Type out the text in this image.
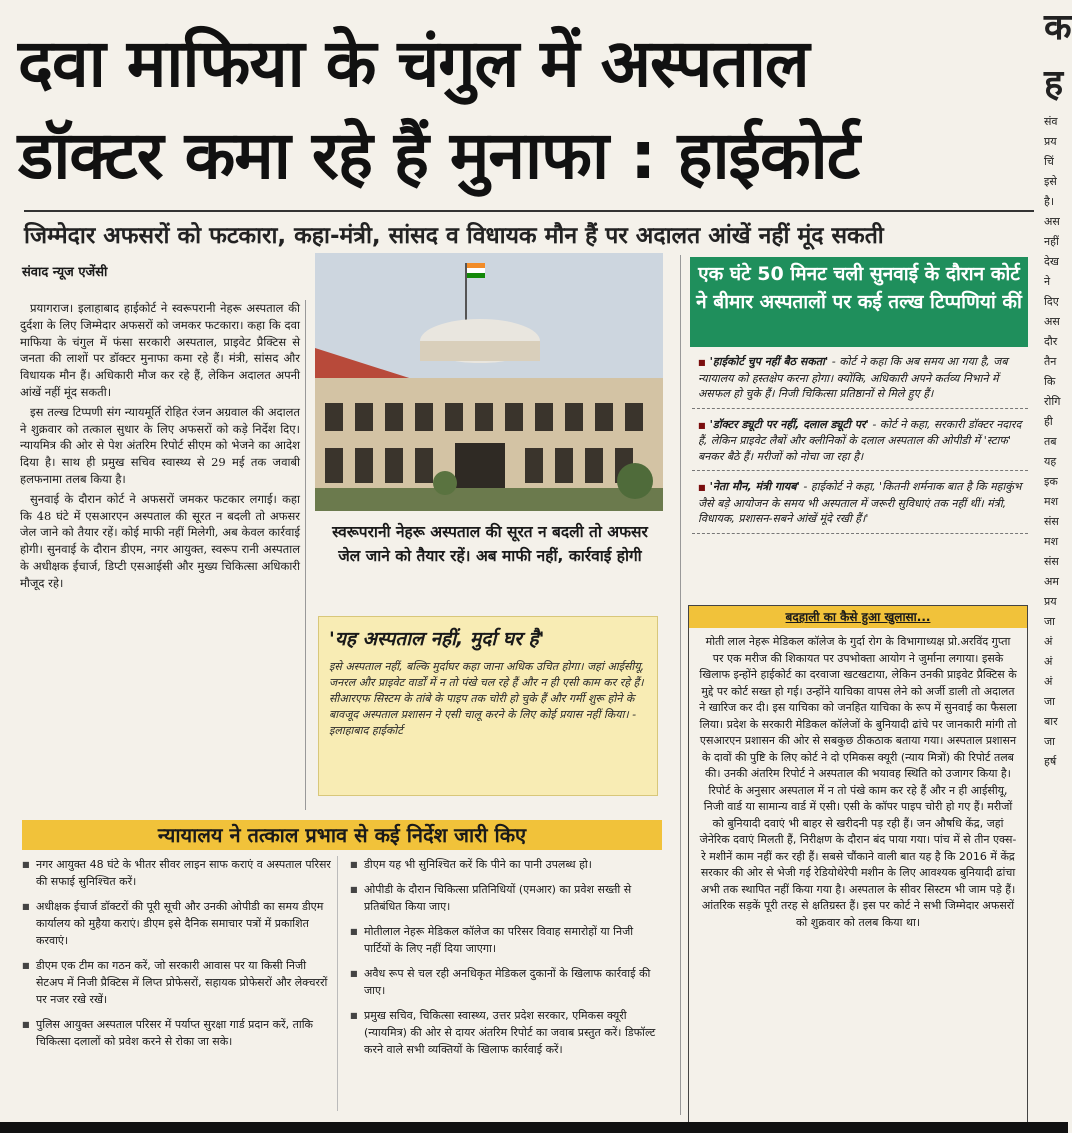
दवा माफिया के चंगुल में अस्पताल
डॉक्टर कमा रहे हैं मुनाफा : हाईकोर्ट
जिम्मेदार अफसरों को फटकारा, कहा-मंत्री, सांसद व विधायक मौन हैं पर अदालत आंखें नहीं मूंद सकती
संवाद न्यूज एजेंसी

प्रयागराज। इलाहाबाद हाईकोर्ट ने स्वरूपरानी नेहरू अस्पताल की दुर्दशा के लिए जिम्मेदार अफसरों को जमकर फटकारा। कहा कि दवा माफिया के चंगुल में फंसा सरकारी अस्पताल, प्राइवेट प्रैक्टिस से जनता की लाशों पर डॉक्टर मुनाफा कमा रहे हैं। मंत्री, सांसद और विधायक मौन हैं। अधिकारी मौज कर रहे हैं, लेकिन अदालत अपनी आंखें नहीं मूंद सकती।

इस तल्ख टिप्पणी संग न्यायमूर्ति रोहित रंजन अग्रवाल की अदालत ने शुक्रवार को तत्काल सुधार के लिए अफसरों को कड़े निर्देश दिए। न्यायमित्र की ओर से पेश अंतरिम रिपोर्ट सीएम को भेजने का आदेश दिया है। साथ ही प्रमुख सचिव स्वास्थ्य से 29 मई तक जवाबी हलफनामा तलब किया है।

सुनवाई के दौरान कोर्ट ने अफसरों जमकर फटकार लगाई। कहा कि 48 घंटे में एसआरएन अस्पताल की सूरत न बदली तो अफसर जेल जाने को तैयार रहें। कोई माफी नहीं मिलेगी, अब केवल कार्रवाई होगी। सुनवाई के दौरान डीएम, नगर आयुक्त, स्वरूप रानी अस्पताल के अधीक्षक ईचार्ज, डिप्टी एसआईसी और मुख्य चिकित्सा अधिकारी मौजूद रहे।

स्वरूपरानी नेहरू अस्पताल की सूरत न बदली तो अफसर जेल जाने को तैयार रहें। अब माफी नहीं, कार्रवाई होगी
'यह अस्पताल नहीं, मुर्दा घर है'

इसे अस्पताल नहीं, बल्कि मुर्दाघर कहा जाना अधिक उचित होगा। जहां आईसीयू, जनरल और प्राइवेट वार्डों में न तो पंखे चल रहे हैं और न ही एसी काम कर रहे हैं। सीआरएफ सिस्टम के तांबे के पाइप तक चोरी हो चुके हैं और गर्मी शुरू होने के बावजूद अस्पताल प्रशासन ने एसी चालू करने के लिए कोई प्रयास नहीं किया। - इलाहाबाद हाईकोर्ट

एक घंटे 50 मिनट चली सुनवाई के दौरान कोर्ट ने बीमार अस्पतालों पर कई तल्ख टिप्पणियां कीं
■ 'हाईकोर्ट चुप नहीं बैठ सकता' - कोर्ट ने कहा कि अब समय आ गया है, जब न्यायालय को हस्तक्षेप करना होगा। क्योंकि, अधिकारी अपने कर्तव्य निभाने में असफल हो चुके हैं। निजी चिकित्सा प्रतिष्ठानों से मिले हुए हैं।
■ 'डॉक्टर ड्यूटी पर नहीं, दलाल ड्यूटी पर' - कोर्ट ने कहा, सरकारी डॉक्टर नदारद हैं, लेकिन प्राइवेट लैबों और क्लीनिकों के दलाल अस्पताल की ओपीडी में 'स्टाफ' बनकर बैठे हैं। मरीजों को नोचा जा रहा है।
■ 'नेता मौन, मंत्री गायब' - हाईकोर्ट ने कहा, 'कितनी शर्मनाक बात है कि महाकुंभ जैसे बड़े आयोजन के समय भी अस्पताल में जरूरी सुविधाएं तक नहीं थीं। मंत्री, विधायक, प्रशासन-सबने आंखें मूंदे रखी हैं।'
बदहाली का कैसे हुआ खुलासा...
मोती लाल नेहरू मेडिकल कॉलेज के गुर्दा रोग के विभागाध्यक्ष प्रो.अरविंद गुप्ता पर एक मरीज की शिकायत पर उपभोक्ता आयोग ने जुर्माना लगाया। इसके खिलाफ इन्होंने हाईकोर्ट का दरवाजा खटखटाया, लेकिन उनकी प्राइवेट प्रैक्टिस के मुद्दे पर कोर्ट सख्त हो गई। उन्होंने याचिका वापस लेने को अर्जी डाली तो अदालत ने खारिज कर दी। इस याचिका को जनहित याचिका के रूप में सुनवाई का फैसला लिया। प्रदेश के सरकारी मेडिकल कॉलेजों के बुनियादी ढांचे पर जानकारी मांगी तो एसआरएन प्रशासन की ओर से सबकुछ ठीकठाक बताया गया। अस्पताल प्रशासन के दावों की पुष्टि के लिए कोर्ट ने दो एमिकस क्यूरी (न्याय मित्रों) की रिपोर्ट तलब की। उनकी अंतरिम रिपोर्ट ने अस्पताल की भयावह स्थिति को उजागर किया है। रिपोर्ट के अनुसार अस्पताल में न तो पंखे काम कर रहे हैं और न ही आईसीयू, निजी वार्ड या सामान्य वार्ड में एसी। एसी के कॉपर पाइप चोरी हो गए हैं। मरीजों को बुनियादी दवाएं भी बाहर से खरीदनी पड़ रही हैं। जन औषधि केंद्र, जहां जेनेरिक दवाएं मिलती हैं, निरीक्षण के दौरान बंद पाया गया। पांच में से तीन एक्स-रे मशीनें काम नहीं कर रही हैं। सबसे चौंकाने वाली बात यह है कि 2016 में केंद्र सरकार की ओर से भेजी गई रेडियोथेरेपी मशीन के लिए आवश्यक बुनियादी ढांचा अभी तक स्थापित नहीं किया गया है। अस्पताल के सीवर सिस्टम भी जाम पड़े हैं। आंतरिक सड़कें पूरी तरह से क्षतिग्रस्त हैं। इस पर कोर्ट ने सभी जिम्मेदार अफसरों को शुक्रवार को तलब किया था।
न्यायालय ने तत्काल प्रभाव से कई निर्देश जारी किए
■ नगर आयुक्त 48 घंटे के भीतर सीवर लाइन साफ कराएं व अस्पताल परिसर की सफाई सुनिश्चित करें।
■ अधीक्षक ईचार्ज डॉक्टरों की पूरी सूची और उनकी ओपीडी का समय डीएम कार्यालय को मुहैया कराएं। डीएम इसे दैनिक समाचार पत्रों में प्रकाशित करवाएं।
■ डीएम एक टीम का गठन करें, जो सरकारी आवास पर या किसी निजी सेटअप में निजी प्रैक्टिस में लिप्त प्रोफेसरों, सहायक प्रोफेसरों और लेक्चररों पर नजर रखे रखें।
■ पुलिस आयुक्त अस्पताल परिसर में पर्याप्त सुरक्षा गार्ड प्रदान करें, ताकि चिकित्सा दलालों को प्रवेश करने से रोका जा सके।
■ डीएम यह भी सुनिश्चित करें कि पीने का पानी उपलब्ध हो।
■ ओपीडी के दौरान चिकित्सा प्रतिनिधियों (एमआर) का प्रवेश सख्ती से प्रतिबंधित किया जाए।
■ मोतीलाल नेहरू मेडिकल कॉलेज का परिसर विवाह समारोहों या निजी पार्टियों के लिए नहीं दिया जाएगा।
■ अवैध रूप से चल रही अनधिकृत मेडिकल दुकानों के खिलाफ कार्रवाई की जाए।
■ प्रमुख सचिव, चिकित्सा स्वास्थ्य, उत्तर प्रदेश सरकार, एमिकस क्यूरी (न्यायमित्र) की ओर से दायर अंतरिम रिपोर्ट का जवाब प्रस्तुत करें। डिफॉल्ट करने वाले सभी व्यक्तियों के खिलाफ कार्रवाई करें।
क
ह
संव
प्रय
चिं
इसे
है।
अस
नहीं
देख
ने
दिए
अस
दौर
तैन
कि
रोगि
ही
तब
यह
इक
मश
संस
मश
संस
अम
प्रय
जा
अं
अं
अं
जा
बार
जा
हर्ष
